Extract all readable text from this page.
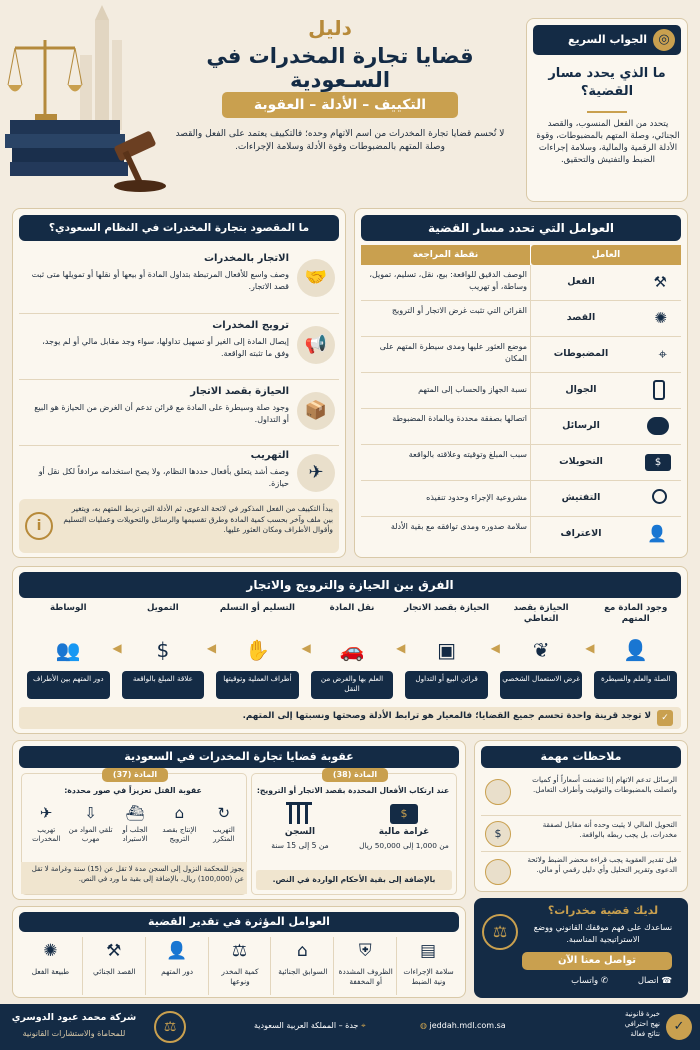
دليل
قضايا تجارة المخدرات في السـعودية
التكييف – الأدلة – العقوبة
لا تُحسم قضايا تجارة المخدرات من اسم الاتهام وحده؛ فالتكييف يعتمد على الفعل والقصد وصلة المتهم بالمضبوطات وقوة الأدلة وسلامة الإجراءات.
◎
الجواب السريع
ما الذي يحدد مسار القضية؟
يتحدد من الفعل المنسوب، والقصد الجنائي، وصلة المتهم بالمضبوطات، وقوة الأدلة الرقمية والمالية، وسلامة إجراءات الضبط والتفتيش والتحقيق.
ما المقصود بتجارة المخدرات في النظام السعودي؟
🤝
الاتجار بالمخدرات
وصف واسع للأفعال المرتبطة بتداول المادة أو بيعها أو نقلها أو تمويلها متى ثبت قصد الاتجار.
📢
ترويج المخدرات
إيصال المادة إلى الغير أو تسهيل تداولها، سواء وجد مقابل مالي أو لم يوجد، وفق ما تثبته الواقعة.
📦
الحيازة بقصد الاتجار
وجود صلة وسيطرة على المادة مع قرائن تدعم أن الغرض من الحيازة هو البيع أو التداول.
✈
التهريب
وصف أشد يتعلق بأفعال حددها النظام، ولا يصح استخدامه مرادفاً لكل نقل أو حيازة.
i
يبدأ التكييف من الفعل المذكور في لائحة الدعوى، ثم الأدلة التي تربط المتهم به، ويتغير بين ملف وآخر بحسب كمية المادة وطرق تقسيمها والرسائل والتحويلات وعمليات التسليم وأقوال الأطراف ومكان العثور عليها.
العوامل التي تحدد مسار القضية
العامل
نقطة المراجعة
⚒
الفعل
الوصف الدقيق للواقعة: بيع، نقل، تسليم، تمويل، وساطة، أو تهريب
✺
القصد
القرائن التي تثبت غرض الاتجار أو الترويج
⌖
المضبوطات
موضع العثور عليها ومدى سيطرة المتهم على المكان
الجوال
نسبة الجهاز والحساب إلى المتهم
الرسائل
اتصالها بصفقة محددة وبالمادة المضبوطة
$
التحويلات
سبب المبلغ وتوقيته وعلاقته بالواقعة
التفتيش
مشروعية الإجراء وحدود تنفيذه
👤
الاعتراف
سلامة صدوره ومدى توافقه مع بقية الأدلة
الفرق بين الحيازة والترويج والاتجار
وجود المادة مع المتهم
👤
الصلة والعلم والسيطرة
◀
الحيازة بقصد التعاطي
❦
غرض الاستعمال الشخصي
◀
الحيازة بقصد الاتجار
▣
قرائن البيع أو التداول
◀
نقل المادة
🚗
العلم بها والغرض من النقل
◀
التسليم أو التسلم
✋
أطراف العملية وتوقيتها
◀
التمويل
$
علاقة المبلغ بالواقعة
◀
الوساطة
👥
دور المتهم بين الأطراف
✓
لا توجد قرينة واحدة تحسم جميع القضايا؛ فالمعيار هو ترابط الأدلة وصحتها ونسبتها إلى المتهم.
عقوبة قضايا تجارة المخدرات في السعودية
المادة (38)
عند ارتكاب الأفعال المحددة بقصد الاتجار أو الترويج:
السجن
من 5 إلى 15 سنة
$
غرامة مالية
من 1,000 إلى 50,000 ريال
بالإضافة إلى بقية الأحكام الواردة في النص.
المادة (37)
عقوبة القتل تعزيزاً في صور محددة:
↻
التهريب المتكرر
⌂
الإنتاج بقصد الترويج
⛴
الجلب أو الاستيراد
⇩
تلقي المواد من مهرب
✈
تهريب المخدرات
يجوز للمحكمة النزول إلى السجن مدة لا تقل عن (15) سنة وغرامة لا تقل عن (100,000) ريال، بالإضافة إلى بقية ما ورد في النص.
ملاحظات مهمة
الرسائل تدعم الاتهام إذا تضمنت أسعاراً أو كميات واتصلت بالمضبوطات والتوقيت وأطراف التعامل.
$
التحويل المالي لا يثبت وحده أنه مقابل لصفقة مخدرات، بل يجب ربطه بالواقعة.
قبل تقدير العقوبة يجب قراءة محضر الضبط ولائحة الدعوى وتقرير التحليل وأي دليل رقمي أو مالي.
العوامل المؤثرة في تقدير القضية
✺
طبيعة الفعل
⚒
القصد الجنائي
👤
دور المتهم
⚖
كمية المخدر ونوعها
⌂
السوابق الجنائية
⛨
الظروف المشددة أو المخففة
▤
سلامة الإجراءات ونية الضبط
⚖
لديك قضية مخدرات؟
نساعدك على فهم موقفك القانوني ووضع الاستراتيجية المناسبة.
تواصل معنا الآن
☎ اتصال
✆ واتساب
⚖
شركة محمد عبود الدوسري
للمحاماة والاستشارات القانونية
⌖ جدة – المملكة العربية السعودية	◍ jeddah.mdl.com.sa
خبرة قانونية
نهج احترافي
نتائج فعالة	✓
